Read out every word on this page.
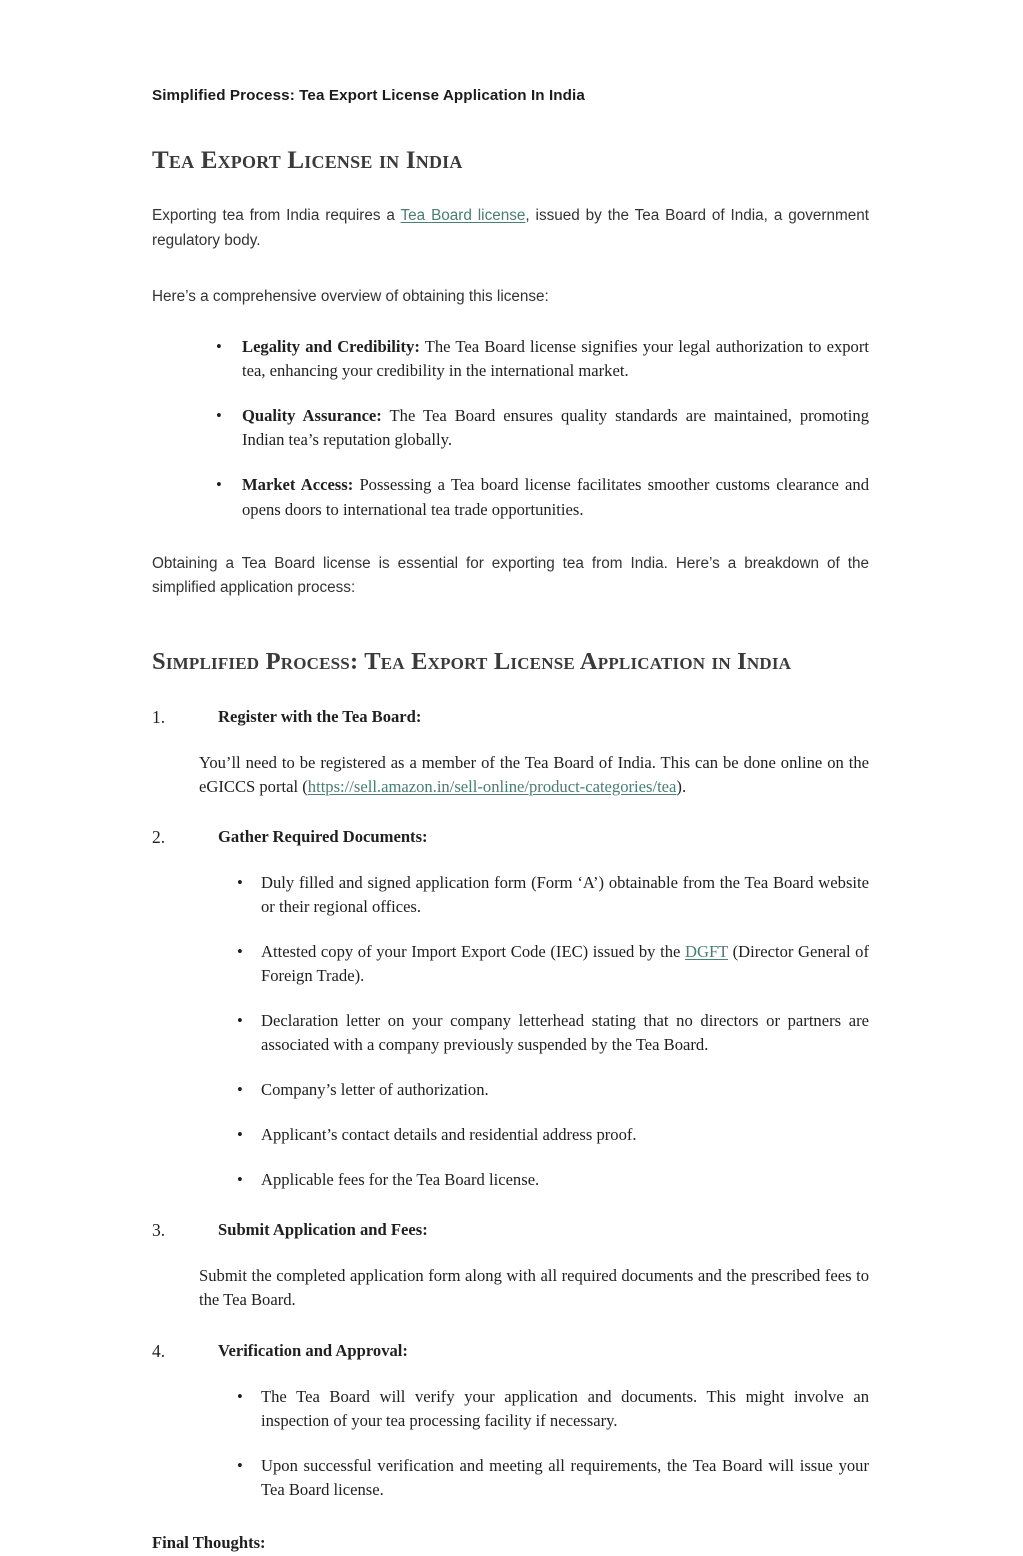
Simplified Process: Tea Export License Application In India

Tea Export License in India

Exporting tea from India requires a Tea Board license, issued by the Tea Board of India, a government regulatory body.

Here’s a comprehensive overview of obtaining this license:

• Legality and Credibility: The Tea Board license signifies your legal authorization to export tea, enhancing your credibility in the international market.
• Quality Assurance: The Tea Board ensures quality standards are maintained, promoting Indian tea’s reputation globally.
• Market Access: Possessing a Tea board license facilitates smoother customs clearance and opens doors to international tea trade opportunities.

Obtaining a Tea Board license is essential for exporting tea from India. Here’s a breakdown of the simplified application process:

Simplified Process: Tea Export License Application in India
1.	Register with the Tea Board:
You’ll need to be registered as a member of the Tea Board of India. This can be done online on the eGICCS portal (https://sell.amazon.in/sell-online/product-categories/tea).
2.	Gather Required Documents:
• Duly filled and signed application form (Form ‘A’) obtainable from the Tea Board website or their regional offices.
• Attested copy of your Import Export Code (IEC) issued by the DGFT (Director General of Foreign Trade).
• Declaration letter on your company letterhead stating that no directors or partners are associated with a company previously suspended by the Tea Board.
• Company’s letter of authorization.
• Applicant’s contact details and residential address proof.
• Applicable fees for the Tea Board license.
3.	Submit Application and Fees:
Submit the completed application form along with all required documents and the prescribed fees to the Tea Board.
4.	Verification and Approval:
• The Tea Board will verify your application and documents. This might involve an inspection of your tea processing facility if necessary.
• Upon successful verification and meeting all requirements, the Tea Board will issue your Tea Board license.
Final Thoughts:
